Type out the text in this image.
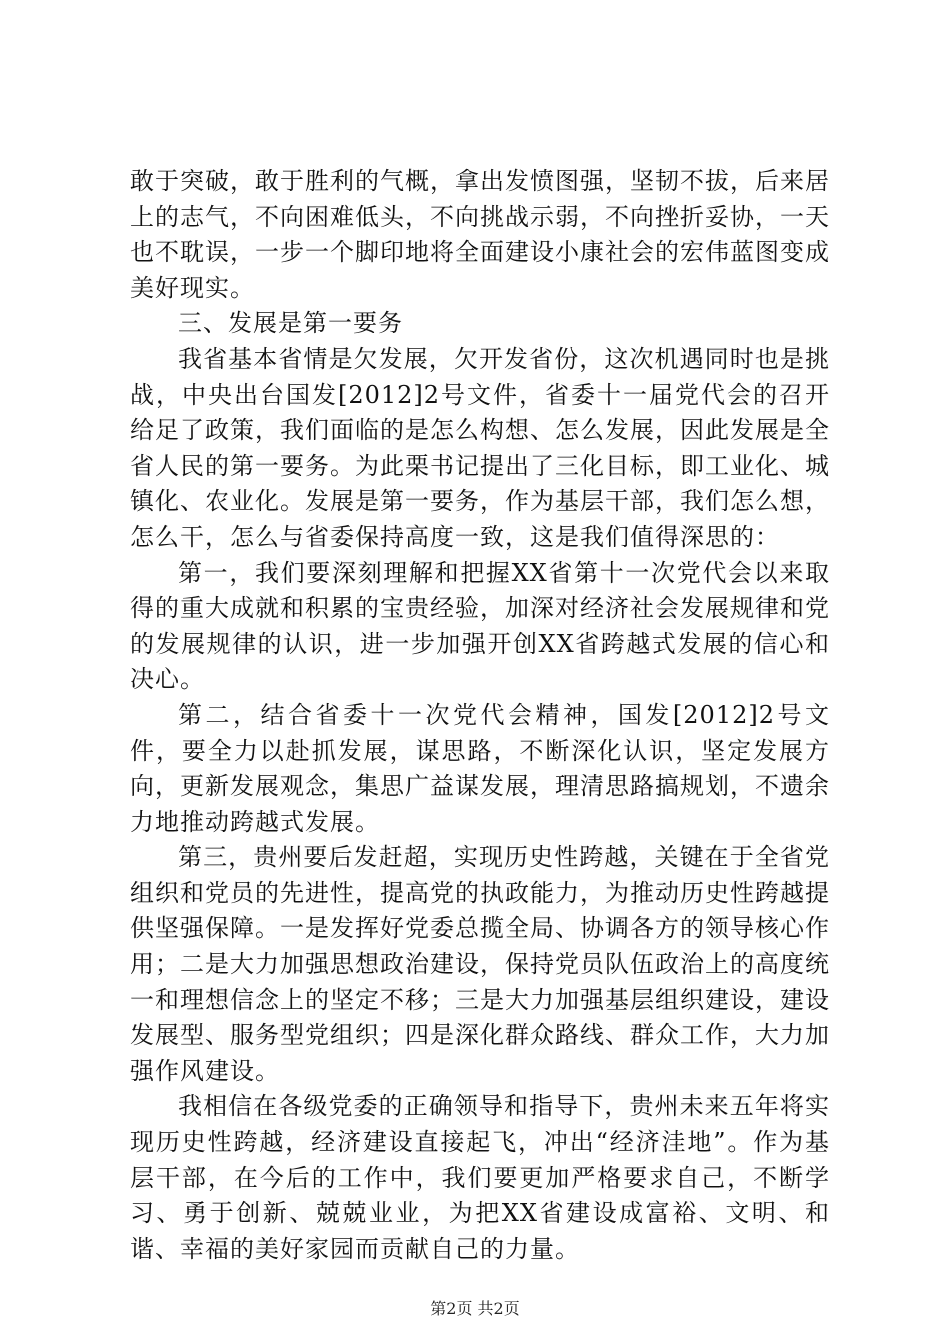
敢于突破，敢于胜利的气概，拿出发愤图强，坚韧不拔，后来居上的志气，不向困难低头，不向挑战示弱，不向挫折妥协，一天也不耽误，一步一个脚印地将全面建设小康社会的宏伟蓝图变成美好现实。

三、发展是第一要务

我省基本省情是欠发展，欠开发省份，这次机遇同时也是挑战，中央出台国发[2012]2号文件，省委十一届党代会的召开给足了政策，我们面临的是怎么构想、怎么发展，因此发展是全省人民的第一要务。为此栗书记提出了三化目标，即工业化、城镇化、农业化。发展是第一要务，作为基层干部，我们怎么想，怎么干，怎么与省委保持高度一致，这是我们值得深思的：

第一，我们要深刻理解和把握XX省第十一次党代会以来取得的重大成就和积累的宝贵经验，加深对经济社会发展规律和党的发展规律的认识，进一步加强开创XX省跨越式发展的信心和决心。

第二，结合省委十一次党代会精神，国发[2012]2号文件，要全力以赴抓发展，谋思路，不断深化认识，坚定发展方向，更新发展观念，集思广益谋发展，理清思路搞规划，不遗余力地推动跨越式发展。

第三，贵州要后发赶超，实现历史性跨越，关键在于全省党组织和党员的先进性，提高党的执政能力，为推动历史性跨越提供坚强保障。一是发挥好党委总揽全局、协调各方的领导核心作用；二是大力加强思想政治建设，保持党员队伍政治上的高度统一和理想信念上的坚定不移；三是大力加强基层组织建设，建设发展型、服务型党组织；四是深化群众路线、群众工作，大力加强作风建设。

我相信在各级党委的正确领导和指导下，贵州未来五年将实现历史性跨越，经济建设直接起飞，冲出“经济洼地”。作为基层干部，在今后的工作中，我们要更加严格要求自己，不断学习、勇于创新、兢兢业业，为把XX省建设成富裕、文明、和谐、幸福的美好家园而贡献自己的力量。

第2页 共2页
